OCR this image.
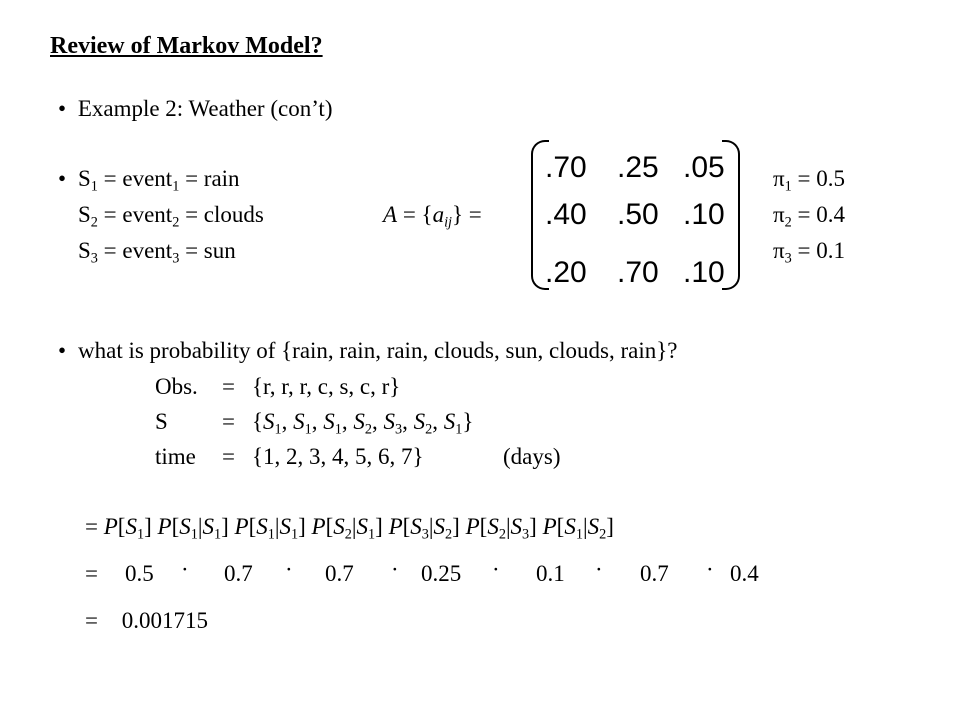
Review of Markov Model?
• Example 2: Weather (con’t)
• $S_1$ = event$_1$ = rain
$S_2$ = event$_2$ = clouds
$S_3$ = event$_3$ = sun
$A = \{a_{ij}\}$ =
.70 .25 .05
.40 .50 .10
.20 .70 .10
$\pi_1 = 0.5$
$\pi_2 = 0.4$
$\pi_3 = 0.1$
• what is probability of {rain, rain, rain, clouds, sun, clouds, rain}?
Obs. = {r, r, r, c, s, c, r}
$S = \{S_1$, $S_1$, $S_1$, $S_2$, $S_3$, $S_2$, $S_1$}
time = {1, 2, 3, 4, 5, 6, 7}	(days)
= $P[S_1]$ $P[S_1|S_1]$ $P[S_1|S_1]$ $P[S_2|S_1]$ $P[S_3|S_2]$ $P[S_2|S_3]$ $P[S_1|S_2]$
= 0.5 · 0.7 · 0.7 · 0.25 · 0.1 · 0.7 · 0.4
= 0.001715
